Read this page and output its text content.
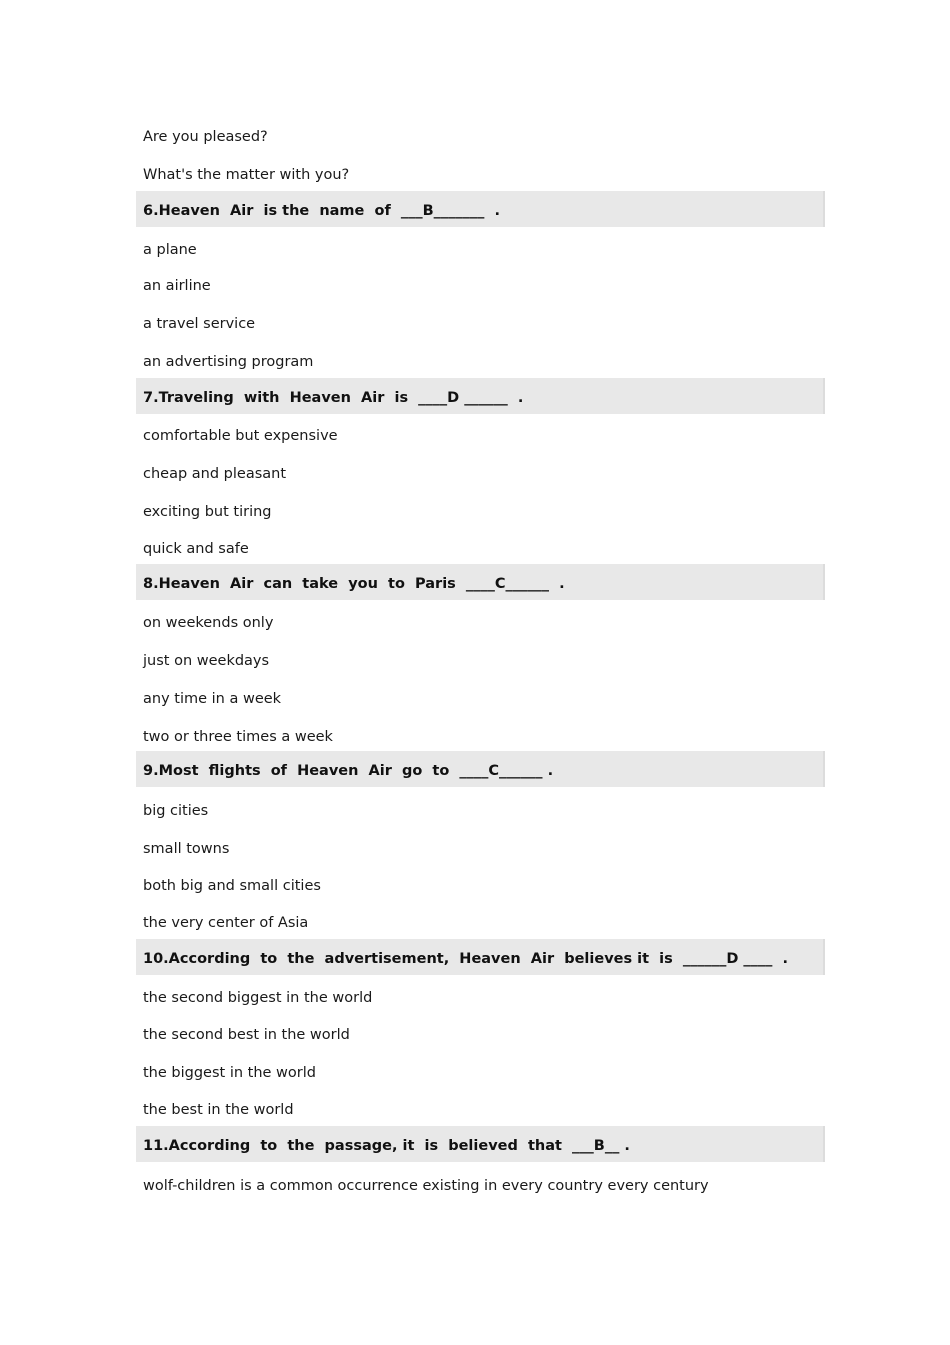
Are you pleased?
What's the matter with you?
6.Heaven  Air  is the  name  of  ___B_______  .
a plane
an airline
a travel service
an advertising program
7.Traveling  with  Heaven  Air  is  ____D ______  .
comfortable but expensive
cheap and pleasant
exciting but tiring
quick and safe
8.Heaven  Air  can  take  you  to  Paris  ____C______  .
on weekends only
just on weekdays
any time in a week
two or three times a week
9.Most  flights  of  Heaven  Air  go  to  ____C______ .
big cities
small towns
both big and small cities
the very center of Asia
10.According  to  the  advertisement,  Heaven  Air  believes it  is  ______D ____  .
the second biggest in the world
the second best in the world
the biggest in the world
the best in the world
11.According  to  the  passage, it  is  believed  that  ___B__ .
wolf-children is a common occurrence existing in every country every century
